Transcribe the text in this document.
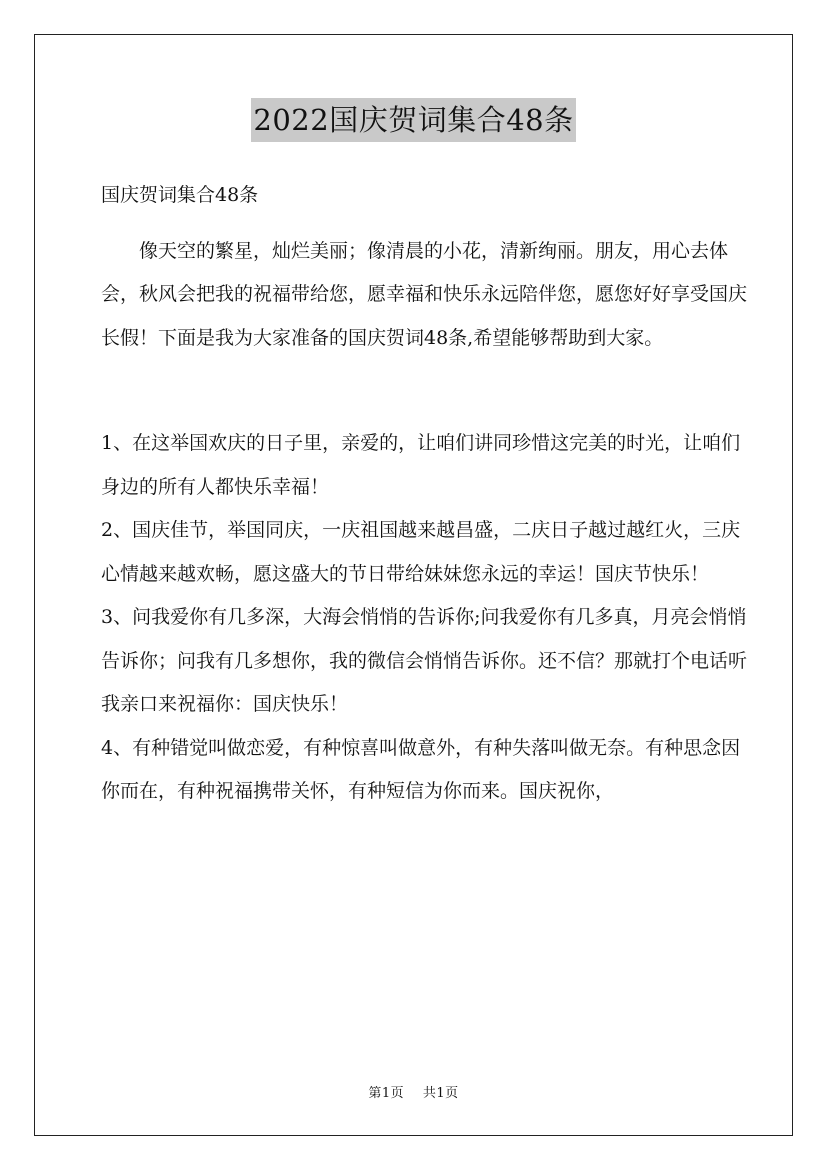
2022国庆贺词集合48条

国庆贺词集合48条

像天空的繁星，灿烂美丽；像清晨的小花，清新绚丽。朋友，用心去体会，秋风会把我的祝福带给您，愿幸福和快乐永远陪伴您，愿您好好享受国庆长假！下面是我为大家准备的国庆贺词48条,希望能够帮助到大家。

1、在这举国欢庆的日子里，亲爱的，让咱们讲同珍惜这完美的时光，让咱们身边的所有人都快乐幸福！

2、国庆佳节，举国同庆，一庆祖国越来越昌盛，二庆日子越过越红火，三庆心情越来越欢畅，愿这盛大的节日带给妹妹您永远的幸运！国庆节快乐！

3、问我爱你有几多深，大海会悄悄的告诉你;问我爱你有几多真，月亮会悄悄告诉你；问我有几多想你，我的微信会悄悄告诉你。还不信？那就打个电话听我亲口来祝福你：国庆快乐！

4、有种错觉叫做恋爱，有种惊喜叫做意外，有种失落叫做无奈。有种思念因你而在，有种祝福携带关怀，有种短信为你而来。国庆祝你，

第1页 共1页
